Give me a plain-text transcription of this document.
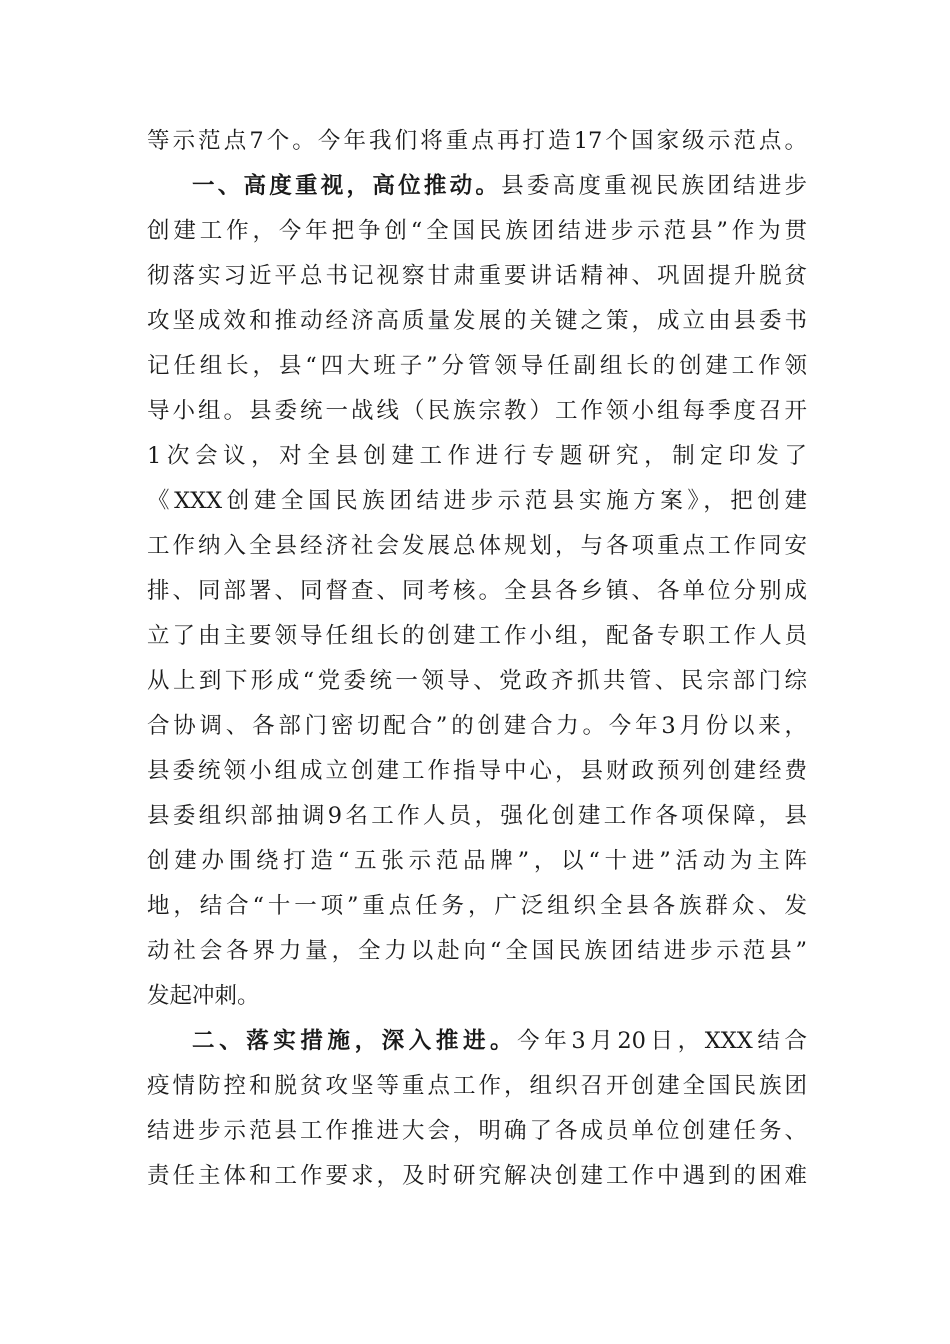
等示范点7个。今年我们将重点再打造17个国家级示范点。
一、高度重视，高位推动。县委高度重视民族团结进步
创建工作，今年把争创“全国民族团结进步示范县”作为贯
彻落实习近平总书记视察甘肃重要讲话精神、巩固提升脱贫
攻坚成效和推动经济高质量发展的关键之策，成立由县委书
记任组长，县“四大班子”分管领导任副组长的创建工作领
导小组。县委统一战线（民族宗教）工作领小组每季度召开
1次会议，对全县创建工作进行专题研究，制定印发了
《XXX创建全国民族团结进步示范县实施方案》，把创建
工作纳入全县经济社会发展总体规划，与各项重点工作同安
排、同部署、同督查、同考核。全县各乡镇、各单位分别成
立了由主要领导任组长的创建工作小组，配备专职工作人员
从上到下形成“党委统一领导、党政齐抓共管、民宗部门综
合协调、各部门密切配合”的创建合力。今年3月份以来，
县委统领小组成立创建工作指导中心，县财政预列创建经费
县委组织部抽调9名工作人员，强化创建工作各项保障，县
创建办围绕打造“五张示范品牌”，以“十进”活动为主阵
地，结合“十一项”重点任务，广泛组织全县各族群众、发
动社会各界力量，全力以赴向“全国民族团结进步示范县”
发起冲刺。
二、落实措施，深入推进。今年3月20日，XXX结合
疫情防控和脱贫攻坚等重点工作，组织召开创建全国民族团
结进步示范县工作推进大会，明确了各成员单位创建任务、
责任主体和工作要求，及时研究解决创建工作中遇到的困难
